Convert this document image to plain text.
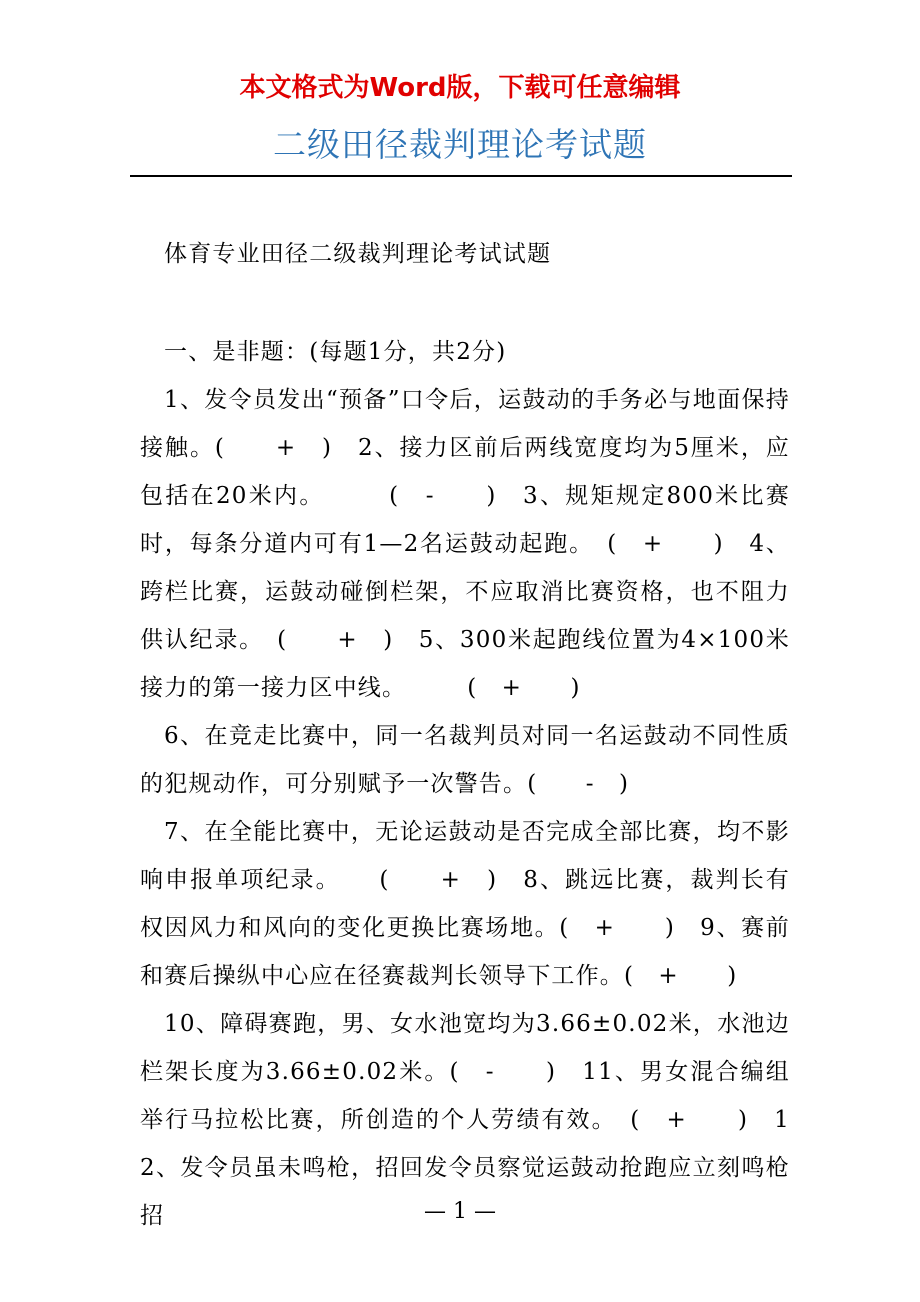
本文格式为Word版，下载可任意编辑
二级田径裁判理论考试题
体育专业田径二级裁判理论考试试题

一、是非题：(每题1分，共2分)

1、发令员发出“预备”口令后，运鼓动的手务必与地面保持接触。(　　+　)　2、接力区前后两线宽度均为5厘米，应包括在20米内。　　　(　-　　)　3、规矩规定800米比赛时，每条分道内可有1—2名运鼓动起跑。　(　+　　)　4、跨栏比赛，运鼓动碰倒栏架，不应取消比赛资格，也不阻力供认纪录。　(　　+　)　5、300米起跑线位置为4×100米接力的第一接力区中线。　　　(　+　　)

6、在竞走比赛中，同一名裁判员对同一名运鼓动不同性质的犯规动作，可分别赋予一次警告。(　　-　)

7、在全能比赛中，无论运鼓动是否完成全部比赛，均不影响申报单项纪录。　　(　　+　)　8、跳远比赛，裁判长有权因风力和风向的变化更换比赛场地。(　+　　)　9、赛前和赛后操纵中心应在径赛裁判长领导下工作。(　+　　)

10、障碍赛跑，男、女水池宽均为3.66±0.02米，水池边栏架长度为3.66±0.02米。(　-　　)　11、男女混合编组举行马拉松比赛，所创造的个人劳绩有效。　(　+　　)　12、发令员虽未鸣枪，招回发令员察觉运鼓动抢跑应立刻鸣枪招	— 1 —
